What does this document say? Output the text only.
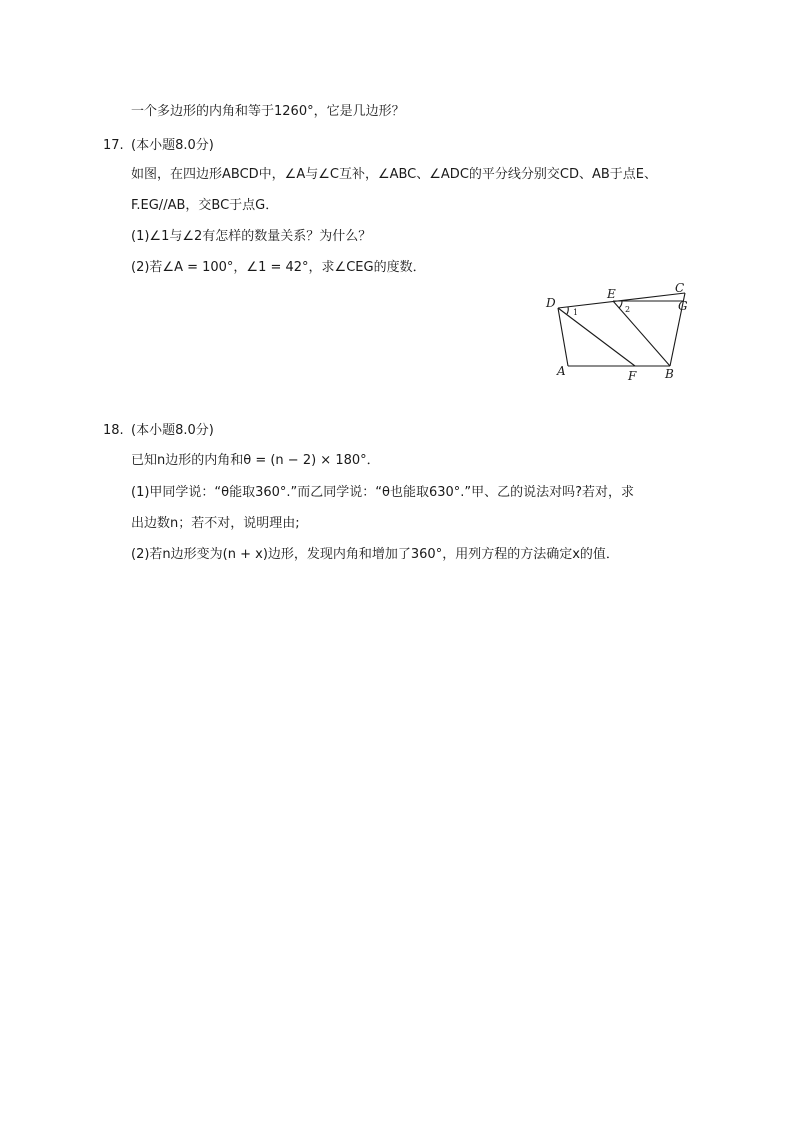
一个多边形的内角和等于1260°，它是几边形？
17. (本小题8.0分)
如图，在四边形ABCD中，∠A与∠C互补，∠ABC、∠ADC的平分线分别交CD、AB于点E、
F.EG//AB，交BC于点G．
(1)∠1与∠2有怎样的数量关系？为什么？
(2)若∠A = 100°，∠1 = 42°，求∠CEG的度数．
D
E	C
G
A	F B
1	2
18. (本小题8.0分)
已知n边形的内角和θ = (n − 2) × 180°．
(1)甲同学说：“θ能取360°.”而乙同学说：“θ也能取630°.”甲、乙的说法对吗?若对，求
出边数n；若不对，说明理由;
(2)若n边形变为(n + x)边形，发现内角和增加了360°，用列方程的方法确定x的值．
